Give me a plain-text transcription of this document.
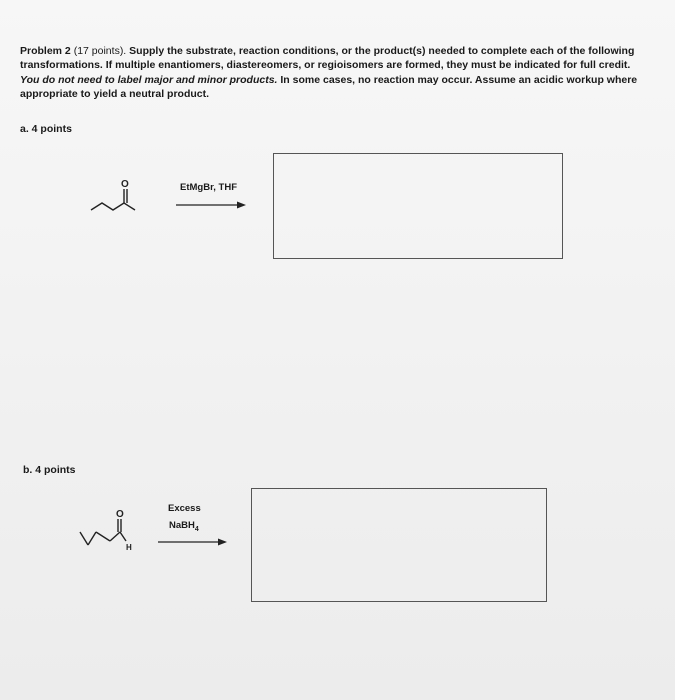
Problem 2 (17 points). Supply the substrate, reaction conditions, or the product(s) needed to complete each of the following transformations. If multiple enantiomers, diastereomers, or regioisomers are formed, they must be indicated for full credit. You do not need to label major and minor products. In some cases, no reaction may occur. Assume an acidic workup where appropriate to yield a neutral product.
a. 4 points
O	EtMgBr, THF
b. 4 points
O
H
Excess
NaBH$_4$
